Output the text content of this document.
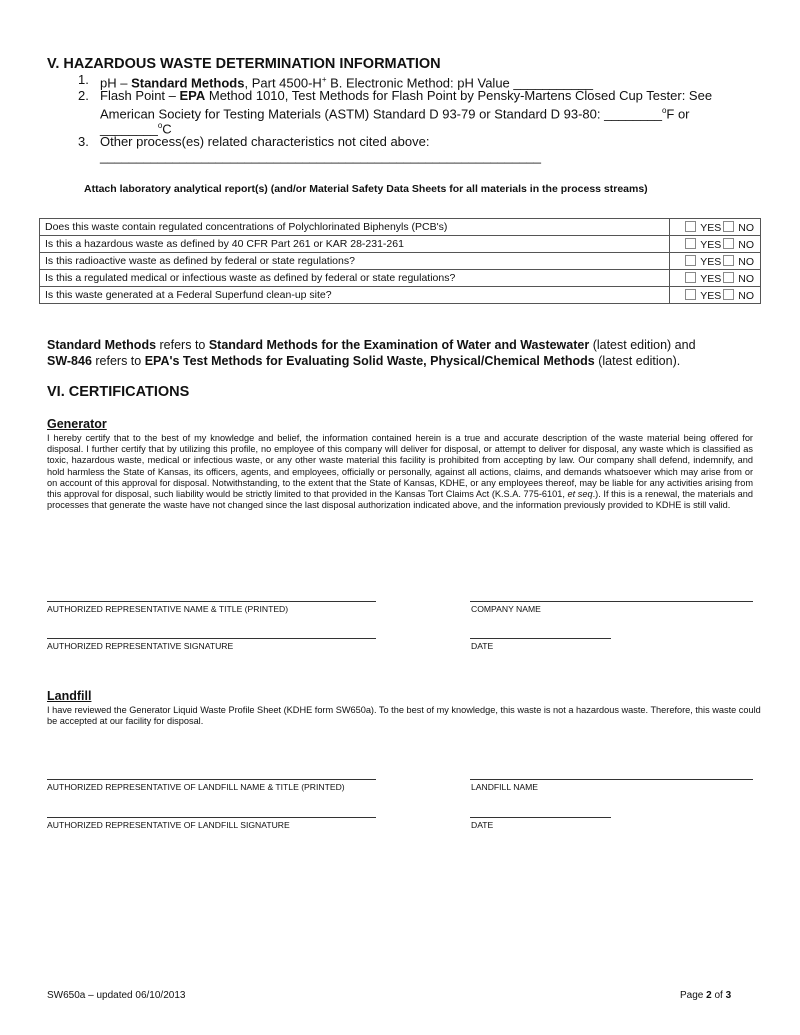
V. HAZARDOUS WASTE DETERMINATION INFORMATION
1. pH – Standard Methods, Part 4500-H+ B. Electronic Method: pH Value ___________
2. Flash Point – EPA Method 1010, Test Methods for Flash Point by Pensky-Martens Closed Cup Tester: See
American Society for Testing Materials (ASTM) Standard D 93-79 or Standard D 93-80: ________$^o$F or
________$^o$C
3. Other process(es) related characteristics not cited above:
_____________________________________________________________
Attach laboratory analytical report(s) (and/or Material Safety Data Sheets for all materials in the process streams)
Does this waste contain regulated concentrations of Polychlorinated Biphenyls (PCB's)	YES NO
Is this a hazardous waste as defined by 40 CFR Part 261 or KAR 28-231-261	YES NO
Is this radioactive waste as defined by federal or state regulations?	YES NO
Is this a regulated medical or infectious waste as defined by federal or state regulations?	YES NO
Is this waste generated at a Federal Superfund clean-up site?	YES NO
Standard Methods refers to Standard Methods for the Examination of Water and Wastewater (latest edition) and
SW-846 refers to EPA's Test Methods for Evaluating Solid Waste, Physical/Chemical Methods (latest edition).
VI. CERTIFICATIONS
Generator
I hereby certify that to the best of my knowledge and belief, the information contained herein is a true and accurate description of the waste material being offered for disposal. I further certify that by utilizing this profile, no employee of this company will deliver for disposal, or attempt to deliver for disposal, any waste which is classified as toxic, hazardous waste, medical or infectious waste, or any other waste material this facility is prohibited from accepting by law. Our company shall defend, indemnify, and hold harmless the State of Kansas, its officers, agents, and employees, officially or personally, against all actions, claims, and demands whatsoever which may arise from or on account of this approval for disposal. Notwithstanding, to the extent that the State of Kansas, KDHE, or any employees thereof, may be liable for any activities arising from this approval for disposal, such liability would be strictly limited to that provided in the Kansas Tort Claims Act (K.S.A. 775-6101, et seq.). If this is a renewal, the materials and processes that generate the waste have not changed since the last disposal authorization indicated above, and the information previously provided to KDHE is still valid.
AUTHORIZED REPRESENTATIVE NAME & TITLE (PRINTED)	COMPANY NAME
AUTHORIZED REPRESENTATIVE SIGNATURE	DATE
Landfill
I have reviewed the Generator Liquid Waste Profile Sheet (KDHE form SW650a). To the best of my knowledge, this waste is not a hazardous waste. Therefore, this waste could be accepted at our facility for disposal.
AUTHORIZED REPRESENTATIVE OF LANDFILL NAME & TITLE (PRINTED)	LANDFILL NAME
AUTHORIZED REPRESENTATIVE OF LANDFILL SIGNATURE	DATE
SW650a – updated 06/10/2013	Page 2 of 3
